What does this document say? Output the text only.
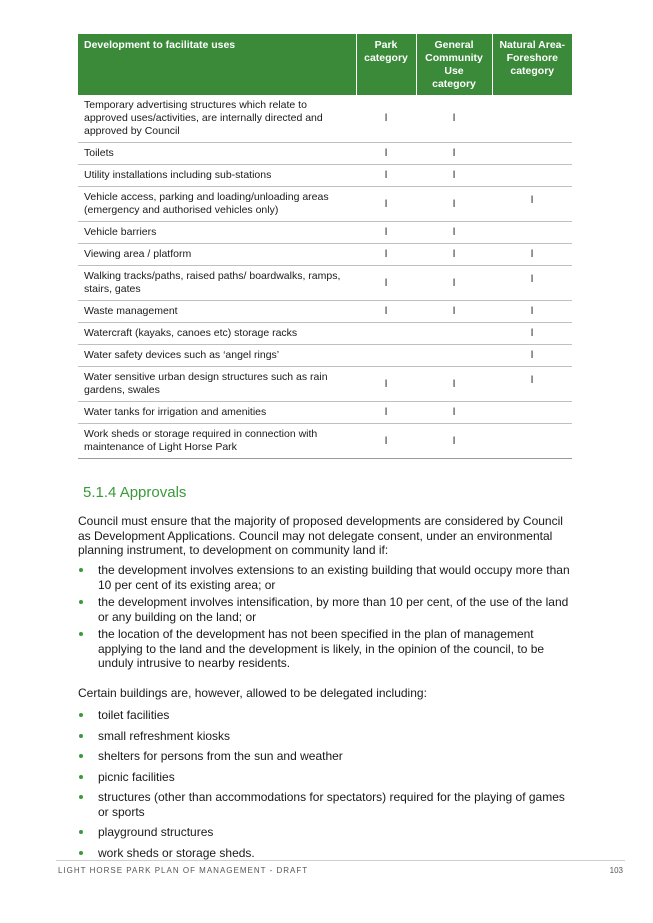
Development to facilitate uses	Park category	General Community Use category	Natural Area-Foreshore category
Temporary advertising structures which relate to approved uses/activities, are internally directed and approved by Council	l	l	
Toilets	l	l	
Utility installations including sub-stations	l	l	
Vehicle access, parking and loading/unloading areas (emergency and authorised vehicles only)	l	l	l
Vehicle barriers	l	l	
Viewing area / platform	l	l	l
Walking tracks/paths, raised paths/ boardwalks, ramps, stairs, gates	l	l	l
Waste management	l	l	l
Watercraft (kayaks, canoes etc) storage racks			l
Water safety devices such as ‘angel rings’			l
Water sensitive urban design structures such as rain gardens, swales	l	l	l
Water tanks for irrigation and amenities	l	l	
Work sheds or storage required in connection with maintenance of Light Horse Park	l	l	
5.1.4 Approvals

Council must ensure that the majority of proposed developments are considered by Council as Development Applications. Council may not delegate consent, under an environmental planning instrument, to development on community land if:

the development involves extensions to an existing building that would occupy more than 10 per cent of its existing area; or
the development involves intensification, by more than 10 per cent, of the use of the land or any building on the land; or
the location of the development has not been specified in the plan of management applying to the land and the development is likely, in the opinion of the council, to be unduly intrusive to nearby residents.

Certain buildings are, however, allowed to be delegated including:

toilet facilities
small refreshment kiosks
shelters for persons from the sun and weather
picnic facilities
structures (other than accommodations for spectators) required for the playing of games or sports
playground structures
work sheds or storage sheds.
LIGHT HORSE PARK PLAN OF MANAGEMENT - DRAFT	103
